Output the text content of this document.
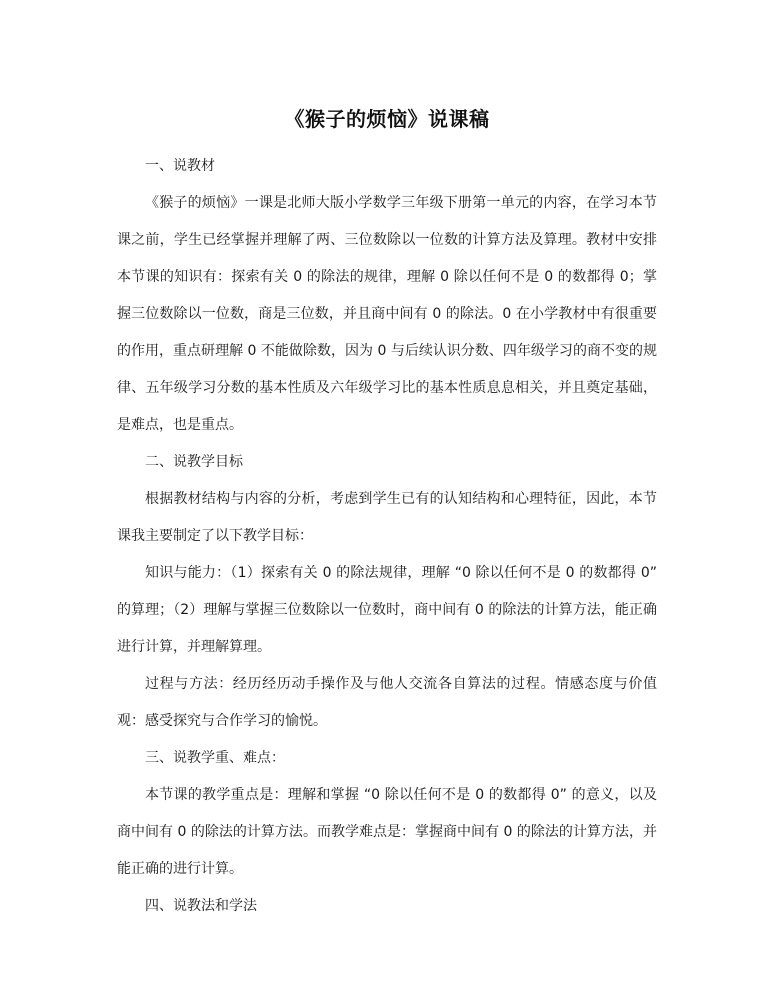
《猴子的烦恼》说课稿

一、说教材

《猴子的烦恼》一课是北师大版小学数学三年级下册第一单元的内容，在学习本节课之前，学生已经掌握并理解了两、三位数除以一位数的计算方法及算理。教材中安排本节课的知识有：探索有关 0 的除法的规律，理解 0 除以任何不是 0 的数都得 0；掌握三位数除以一位数，商是三位数，并且商中间有 0 的除法。0 在小学教材中有很重要的作用，重点研理解 0 不能做除数，因为 0 与后续认识分数、四年级学习的商不变的规律、五年级学习分数的基本性质及六年级学习比的基本性质息息相关，并且奠定基础，是难点，也是重点。

二、说教学目标

根据教材结构与内容的分析，考虑到学生已有的认知结构和心理特征，因此，本节课我主要制定了以下教学目标：

知识与能力：（1）探索有关 0 的除法规律，理解 “0 除以任何不是 0 的数都得 0” 的算理；（2）理解与掌握三位数除以一位数时，商中间有 0 的除法的计算方法，能正确进行计算，并理解算理。

过程与方法：经历经历动手操作及与他人交流各自算法的过程。情感态度与价值观：感受探究与合作学习的愉悦。

三、说教学重、难点：

本节课的教学重点是：理解和掌握 “0 除以任何不是 0 的数都得 0” 的意义，以及商中间有 0 的除法的计算方法。而教学难点是：掌握商中间有 0 的除法的计算方法，并能正确的进行计算。

四、说教法和学法
